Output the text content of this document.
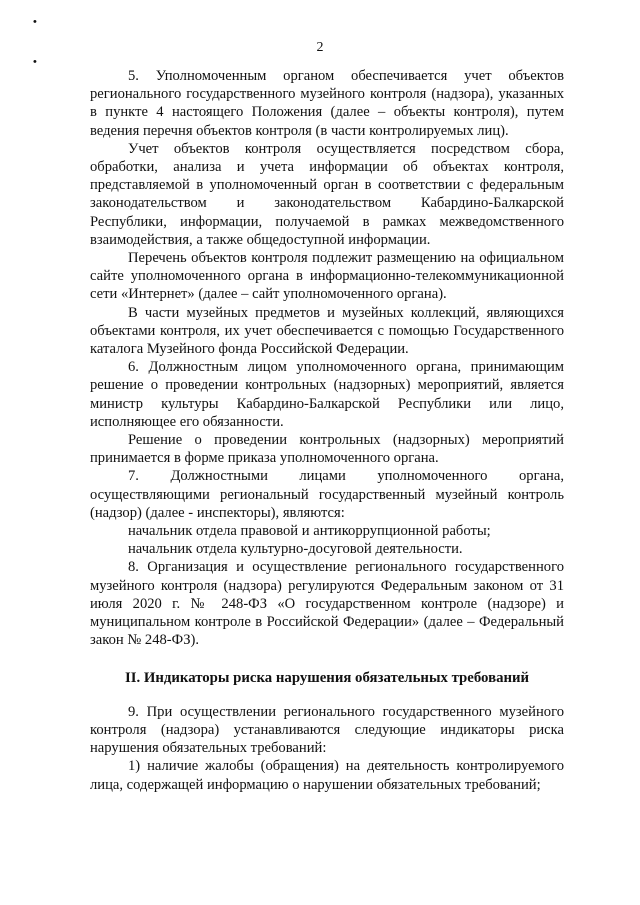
•
•
2

5. Уполномоченным органом обеспечивается учет объектов регионального государственного музейного контроля (надзора), указанных в пункте 4 настоящего Положения (далее – объекты контроля), путем ведения перечня объектов контроля (в части контролируемых лиц).

Учет объектов контроля осуществляется посредством сбора, обработки, анализа и учета информации об объектах контроля, представляемой в уполномоченный орган в соответствии с федеральным законодательством и законодательством Кабардино-Балкарской Республики, информации, получаемой в рамках межведомственного взаимодействия, а также общедоступной информации.

Перечень объектов контроля подлежит размещению на официальном сайте уполномоченного органа в информационно-телекоммуникационной сети «Интернет» (далее – сайт уполномоченного органа).

В части музейных предметов и музейных коллекций, являющихся объектами контроля, их учет обеспечивается с помощью Государственного каталога Музейного фонда Российской Федерации.

6. Должностным лицом уполномоченного органа, принимающим решение о проведении контрольных (надзорных) мероприятий, является министр культуры Кабардино-Балкарской Республики или лицо, исполняющее его обязанности.

Решение о проведении контрольных (надзорных) мероприятий принимается в форме приказа уполномоченного органа.

7. Должностными лицами уполномоченного органа, осуществляющими региональный государственный музейный контроль (надзор) (далее - инспекторы), являются:

начальник отдела правовой и антикоррупционной работы;

начальник отдела культурно-досуговой деятельности.

8. Организация и осуществление регионального государственного музейного контроля (надзора) регулируются Федеральным законом от 31 июля 2020 г. № 248-ФЗ «О государственном контроле (надзоре) и муниципальном контроле в Российской Федерации» (далее – Федеральный закон № 248-ФЗ).

II. Индикаторы риска нарушения обязательных требований

9. При осуществлении регионального государственного музейного контроля (надзора) устанавливаются следующие индикаторы риска нарушения обязательных требований:

1) наличие жалобы (обращения) на деятельность контролируемого лица, содержащей информацию о нарушении обязательных требований;
